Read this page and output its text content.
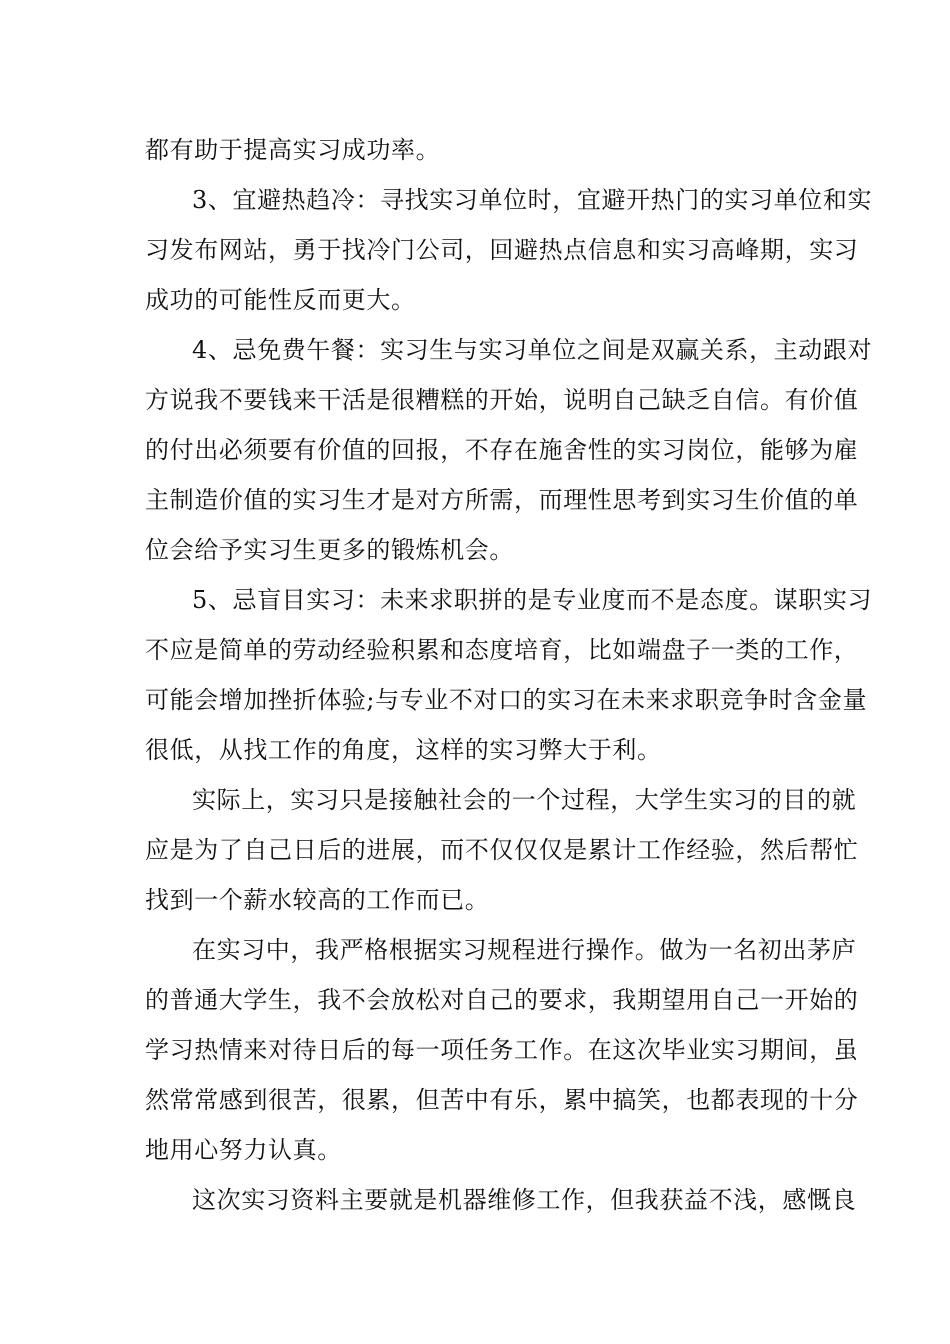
都有助于提高实习成功率。
3、宜避热趋冷：寻找实习单位时，宜避开热门的实习单位和实
习发布网站，勇于找冷门公司，回避热点信息和实习高峰期，实习
成功的可能性反而更大。
4、忌免费午餐：实习生与实习单位之间是双赢关系，主动跟对
方说我不要钱来干活是很糟糕的开始，说明自己缺乏自信。有价值
的付出必须要有价值的回报，不存在施舍性的实习岗位，能够为雇
主制造价值的实习生才是对方所需，而理性思考到实习生价值的单
位会给予实习生更多的锻炼机会。
5、忌盲目实习：未来求职拼的是专业度而不是态度。谋职实习
不应是简单的劳动经验积累和态度培育，比如端盘子一类的工作，
可能会增加挫折体验;与专业不对口的实习在未来求职竞争时含金量
很低，从找工作的角度，这样的实习弊大于利。
实际上，实习只是接触社会的一个过程，大学生实习的目的就
应是为了自己日后的进展，而不仅仅仅是累计工作经验，然后帮忙
找到一个薪水较高的工作而已。
在实习中，我严格根据实习规程进行操作。做为一名初出茅庐
的普通大学生，我不会放松对自己的要求，我期望用自己一开始的
学习热情来对待日后的每一项任务工作。在这次毕业实习期间，虽
然常常感到很苦，很累，但苦中有乐，累中搞笑，也都表现的十分
地用心努力认真。
这次实习资料主要就是机器维修工作，但我获益不浅，感慨良
